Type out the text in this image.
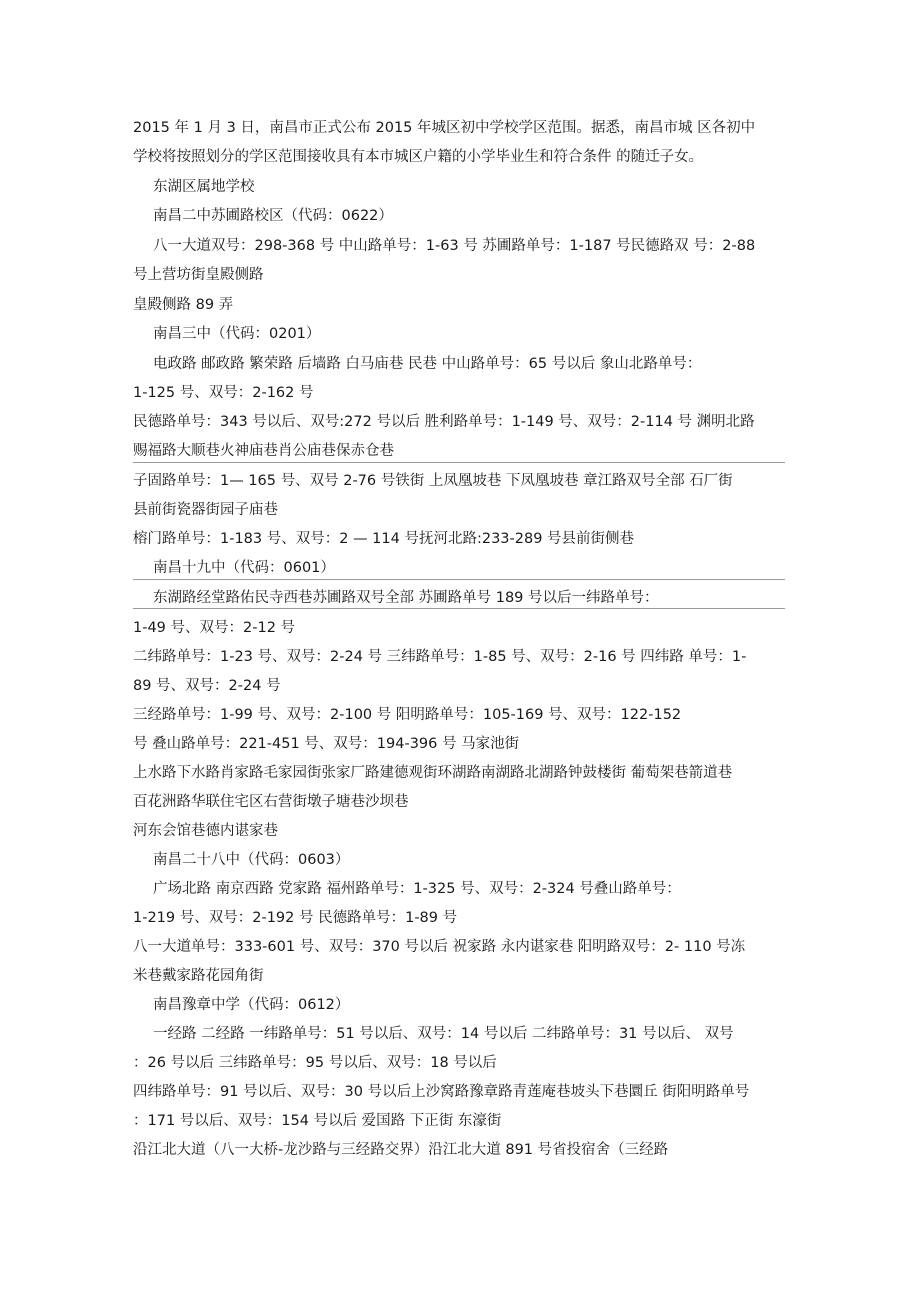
2015 年 1 月 3 日，南昌市正式公布 2015 年城区初中学校学区范围。据悉，南昌市城 区各初中
学校将按照划分的学区范围接收具有本市城区户籍的小学毕业生和符合条件 的随迁子女。
东湖区属地学校
南昌二中苏圃路校区（代码：0622）
八一大道双号：298-368 号 中山路单号：1-63 号 苏圃路单号：1-187 号民德路双 号：2-88
号上营坊街皇殿侧路
皇殿侧路 89 弄
南昌三中（代码：0201）
电政路 邮政路 繁荣路 后墙路 白马庙巷 民巷 中山路单号：65 号以后 象山北路单号：
1-125 号、双号：2-162 号
民德路单号：343 号以后、双号:272 号以后 胜利路单号：1-149 号、双号：2-114 号 渊明北路
赐福路大顺巷火神庙巷肖公庙巷保赤仓巷
子固路单号：1— 165 号、双号 2-76 号铁街 上凤凰坡巷 下凤凰坡巷 章江路双号全部 石厂街
县前街瓷器街园子庙巷
榕门路单号：1-183 号、双号：2 — 114 号抚河北路:233-289 号县前街侧巷
南昌十九中（代码：0601）
东湖路经堂路佑民寺西巷苏圃路双号全部 苏圃路单号 189 号以后一纬路单号：
1-49 号、双号：2-12 号
二纬路单号：1-23 号、双号：2-24 号 三纬路单号：1-85 号、双号：2-16 号 四纬路 单号：1-
89 号、双号：2-24 号
三经路单号：1-99 号、双号：2-100 号 阳明路单号：105-169 号、双号：122-152
号 叠山路单号：221-451 号、双号：194-396 号 马家池街
上水路下水路肖家路毛家园街张家厂路建德观街环湖路南湖路北湖路钟鼓楼街 葡萄架巷箭道巷
百花洲路华联住宅区右营街墩子塘巷沙坝巷
河东会馆巷德内谌家巷
南昌二十八中（代码：0603）
广场北路 南京西路 党家路 福州路单号：1-325 号、双号：2-324 号叠山路单号：
1-219 号、双号：2-192 号 民德路单号：1-89 号
八一大道单号：333-601 号、双号：370 号以后 祝家路 永内谌家巷 阳明路双号：2- 110 号冻
米巷戴家路花园角街
南昌豫章中学（代码：0612）
一经路 二经路 一纬路单号：51 号以后、双号：14 号以后 二纬路单号：31 号以后、 双号
：26 号以后 三纬路单号：95 号以后、双号：18 号以后
四纬路单号：91 号以后、双号：30 号以后上沙窝路豫章路青莲庵巷坡头下巷圜丘 街阳明路单号
：171 号以后、双号：154 号以后 爱国路 下正街 东濠街
沿江北大道（八一大桥-龙沙路与三经路交界）沿江北大道 891 号省投宿舍（三经路
